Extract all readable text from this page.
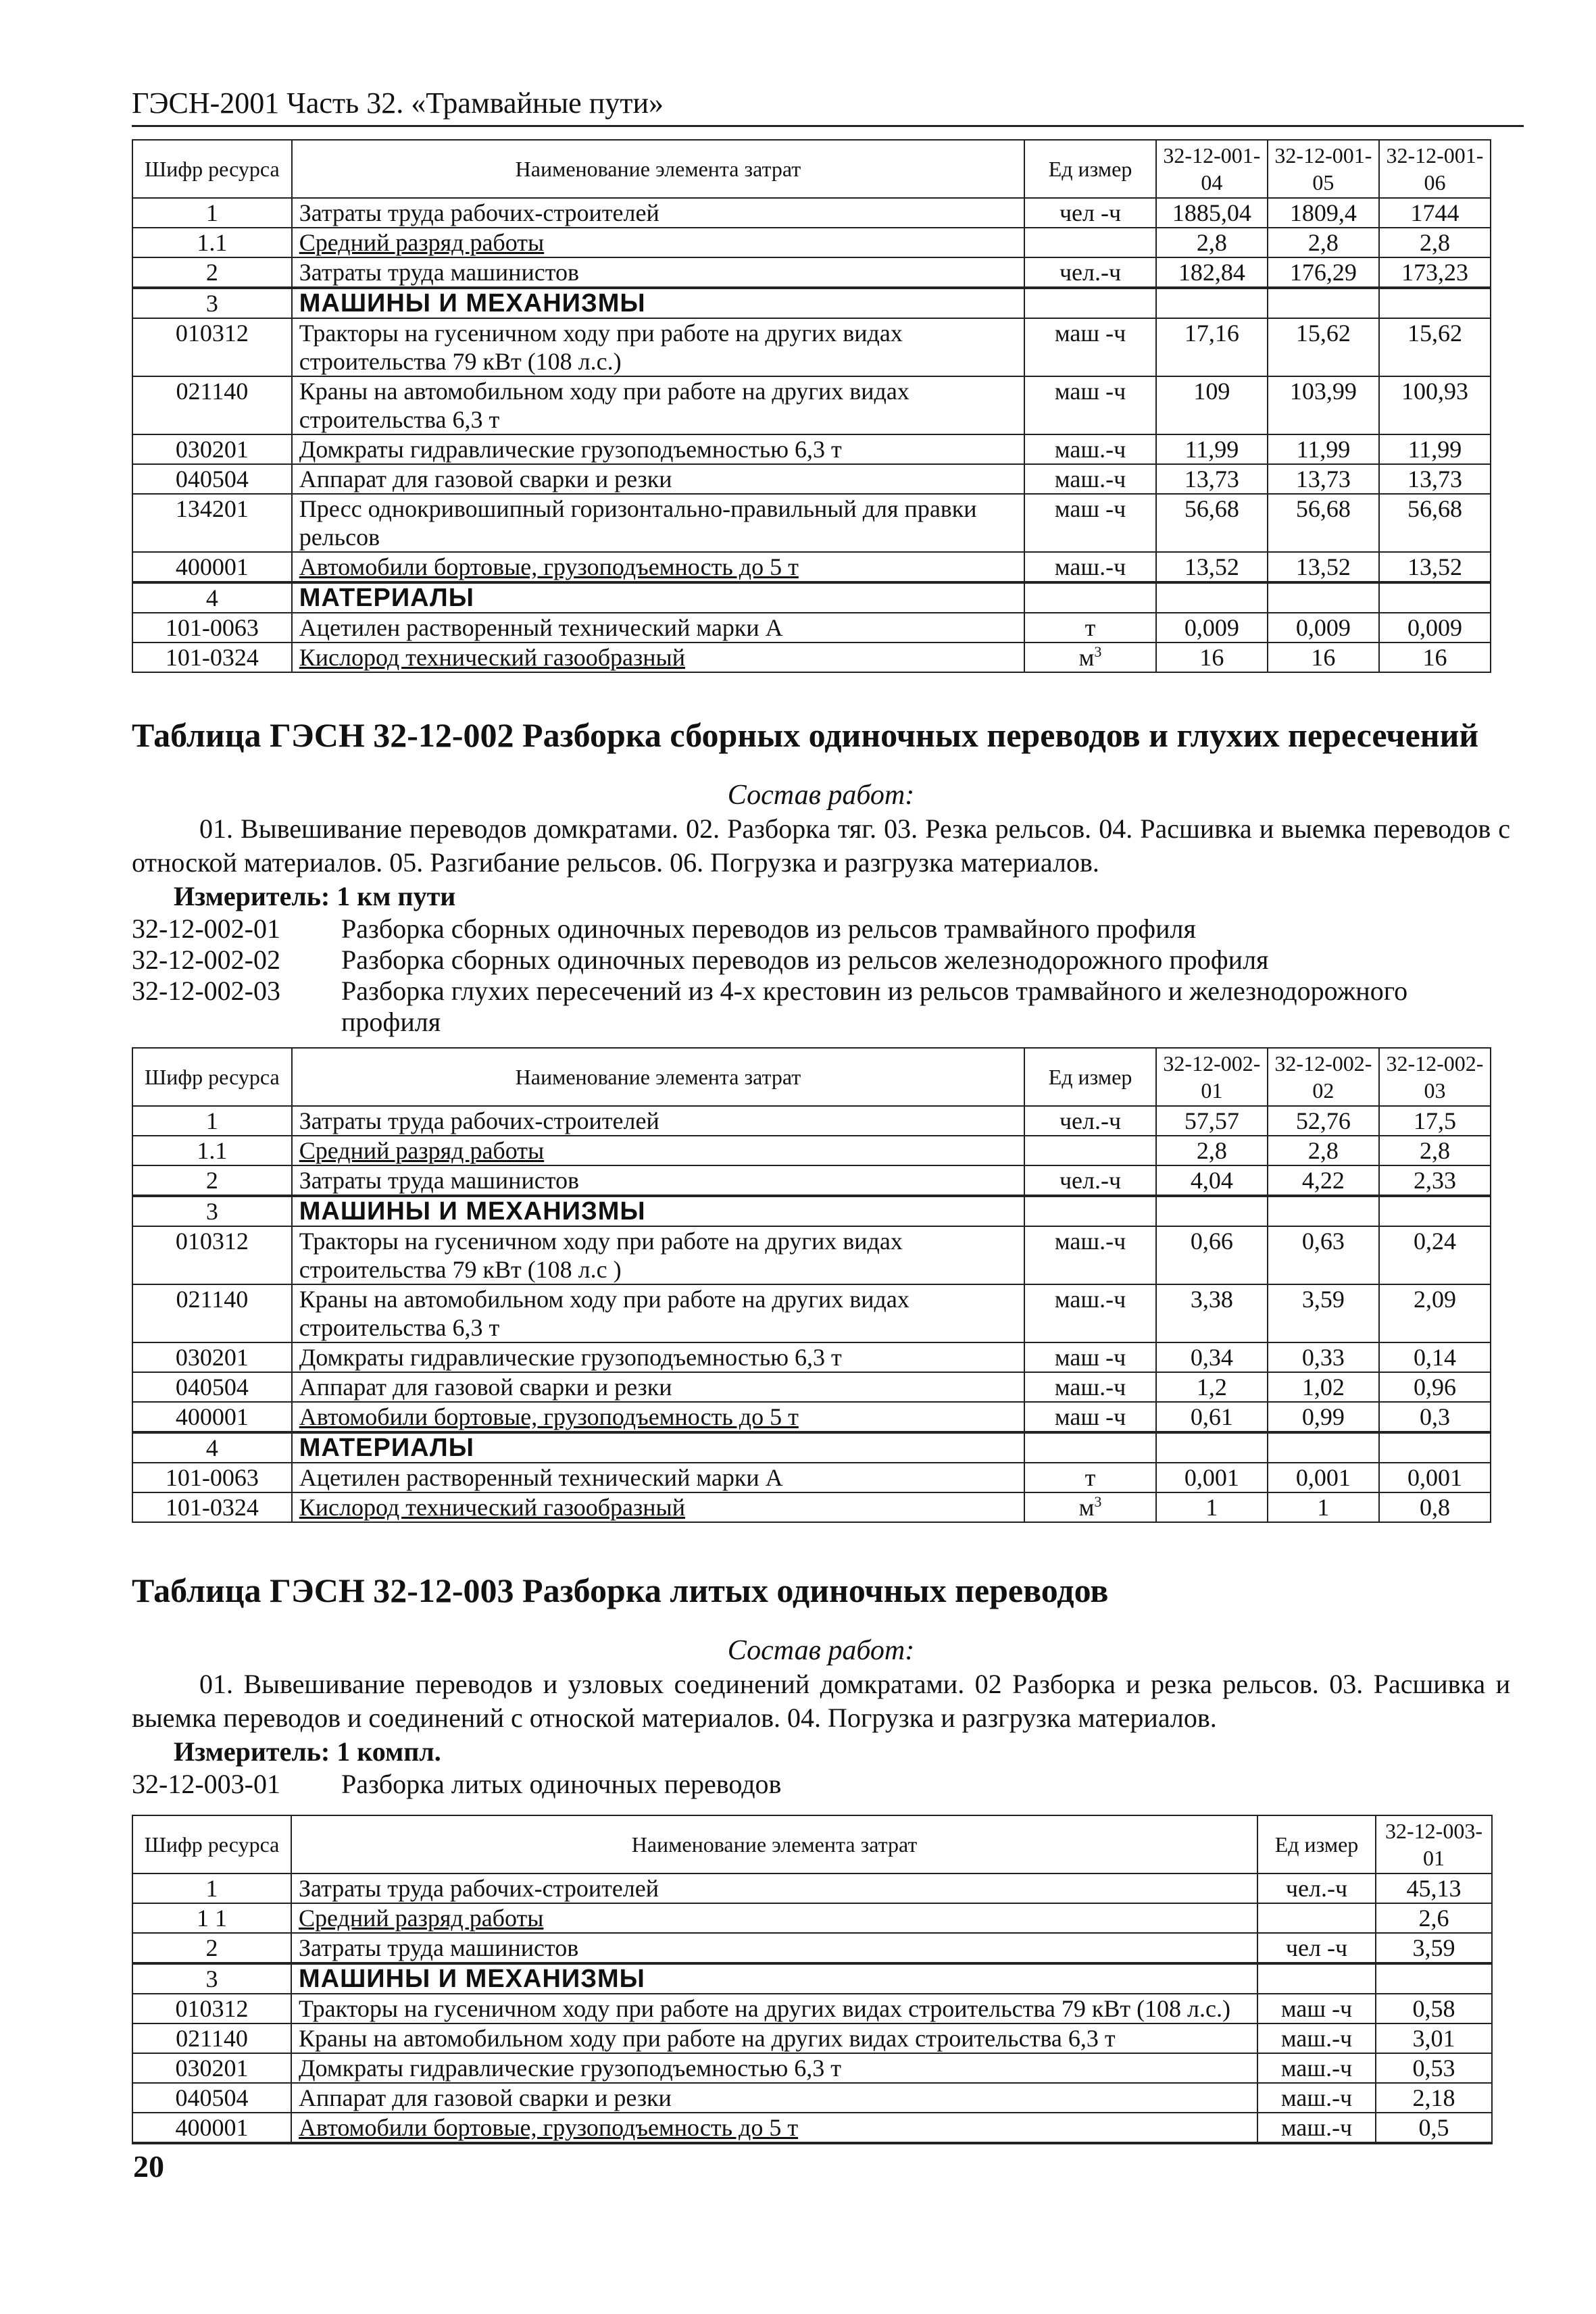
ГЭСН-2001 Часть 32. «Трамвайные пути»
Шифр ресурса	Наименование элемента затрат	Ед измер	32-12-001-04	32-12-001-05	32-12-001-06
1	Затраты труда рабочих-строителей	чел -ч	1885,04	1809,4	1744
1.1	Средний разряд работы		2,8	2,8	2,8
2	Затраты труда машинистов	чел.-ч	182,84	176,29	173,23
3	МАШИНЫ И МЕХАНИЗМЫ				
010312	Тракторы на гусеничном ходу при работе на других видах строительства 79 кВт (108 л.с.)	маш -ч	17,16	15,62	15,62
021140	Краны на автомобильном ходу при работе на других видах строительства 6,3 т	маш -ч	109	103,99	100,93
030201	Домкраты гидравлические грузоподъемностью 6,3 т	маш.-ч	11,99	11,99	11,99
040504	Аппарат для газовой сварки и резки	маш.-ч	13,73	13,73	13,73
134201	Пресс однокривошипный горизонтально-правильный для правки рельсов	маш -ч	56,68	56,68	56,68
400001	Автомобили бортовые, грузоподъемность до 5 т	маш.-ч	13,52	13,52	13,52
4	МАТЕРИАЛЫ				
101-0063	Ацетилен растворенный технический марки А	т	0,009	0,009	0,009
101-0324	Кислород технический газообразный	$м^3$	16	16	16
Таблица ГЭСН 32-12-002 Разборка сборных одиночных переводов и глухих пересечений
Состав работ:
01. Вывешивание переводов домкратами. 02. Разборка тяг. 03. Резка рельсов. 04. Расшивка и выемка переводов с отноской материалов. 05. Разгибание рельсов. 06. Погрузка и разгрузка материалов.
Измеритель: 1 км пути
32-12-002-01	Разборка сборных одиночных переводов из рельсов трамвайного профиля
32-12-002-02	Разборка сборных одиночных переводов из рельсов железнодорожного профиля
32-12-002-03	Разборка глухих пересечений из 4-х крестовин из рельсов трамвайного и железнодорожного профиля
Шифр ресурса	Наименование элемента затрат	Ед измер	32-12-002-01	32-12-002-02	32-12-002-03
1	Затраты труда рабочих-строителей	чел.-ч	57,57	52,76	17,5
1.1	Средний разряд работы		2,8	2,8	2,8
2	Затраты труда машинистов	чел.-ч	4,04	4,22	2,33
3	МАШИНЫ И МЕХАНИЗМЫ				
010312	Тракторы на гусеничном ходу при работе на других видах строительства 79 кВт (108 л.с )	маш.-ч	0,66	0,63	0,24
021140	Краны на автомобильном ходу при работе на других видах строительства 6,3 т	маш.-ч	3,38	3,59	2,09
030201	Домкраты гидравлические грузоподъемностью 6,3 т	маш -ч	0,34	0,33	0,14
040504	Аппарат для газовой сварки и резки	маш.-ч	1,2	1,02	0,96
400001	Автомобили бортовые, грузоподъемность до 5 т	маш -ч	0,61	0,99	0,3
4	МАТЕРИАЛЫ				
101-0063	Ацетилен растворенный технический марки А	т	0,001	0,001	0,001
101-0324	Кислород технический газообразный	$м^3$	1	1	0,8
Таблица ГЭСН 32-12-003 Разборка литых одиночных переводов
Состав работ:
01. Вывешивание переводов и узловых соединений домкратами. 02 Разборка и резка рельсов. 03. Расшивка и выемка переводов и соединений с отноской материалов. 04. Погрузка и разгрузка материалов.
Измеритель: 1 компл.
32-12-003-01	Разборка литых одиночных переводов
Шифр ресурса	Наименование элемента затрат	Ед измер	32-12-003-01
1	Затраты труда рабочих-строителей	чел.-ч	45,13
1 1	Средний разряд работы		2,6
2	Затраты труда машинистов	чел -ч	3,59
3	МАШИНЫ И МЕХАНИЗМЫ		
010312	Тракторы на гусеничном ходу при работе на других видах строительства 79 кВт (108 л.с.)	маш -ч	0,58
021140	Краны на автомобильном ходу при работе на других видах строительства 6,3 т	маш.-ч	3,01
030201	Домкраты гидравлические грузоподъемностью 6,3 т	маш.-ч	0,53
040504	Аппарат для газовой сварки и резки	маш.-ч	2,18
400001	Автомобили бортовые, грузоподъемность до 5 т	маш.-ч	0,5
20
